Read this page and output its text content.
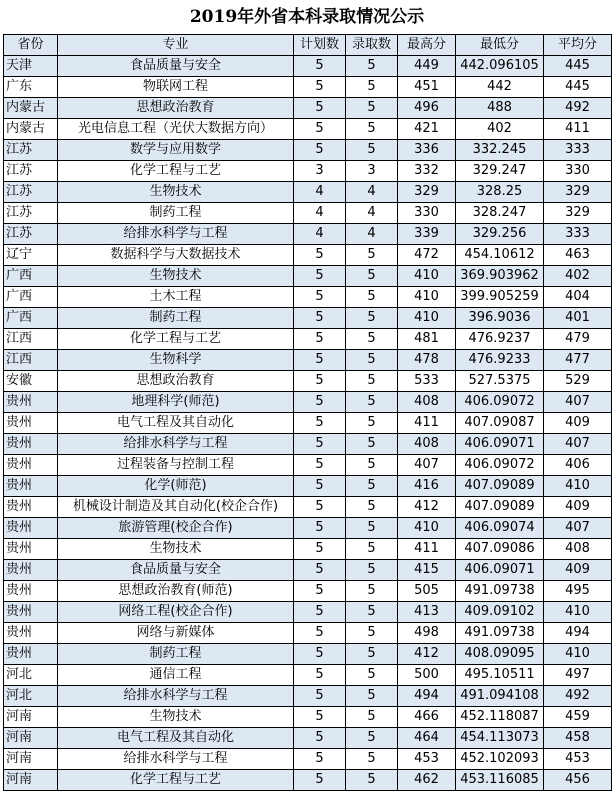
2019年外省本科录取情况公示
省份	专业	计划数	录取数	最高分	最低分	平均分
天津	食品质量与安全	5	5	449	442.096105	445
广东	物联网工程	5	5	451	442	445
内蒙古	思想政治教育	5	5	496	488	492
内蒙古	光电信息工程（光伏大数据方向）	5	5	421	402	411
江苏	数学与应用数学	5	5	336	332.245	333
江苏	化学工程与工艺	3	3	332	329.247	330
江苏	生物技术	4	4	329	328.25	329
江苏	制药工程	4	4	330	328.247	329
江苏	给排水科学与工程	4	4	339	329.256	333
辽宁	数据科学与大数据技术	5	5	472	454.10612	463
广西	生物技术	5	5	410	369.903962	402
广西	土木工程	5	5	410	399.905259	404
广西	制药工程	5	5	410	396.9036	401
江西	化学工程与工艺	5	5	481	476.9237	479
江西	生物科学	5	5	478	476.9233	477
安徽	思想政治教育	5	5	533	527.5375	529
贵州	地理科学(师范)	5	5	408	406.09072	407
贵州	电气工程及其自动化	5	5	411	407.09087	409
贵州	给排水科学与工程	5	5	408	406.09071	407
贵州	过程装备与控制工程	5	5	407	406.09072	406
贵州	化学(师范)	5	5	416	407.09089	410
贵州	机械设计制造及其自动化(校企合作)	5	5	412	407.09089	409
贵州	旅游管理(校企合作)	5	5	410	406.09074	407
贵州	生物技术	5	5	411	407.09086	408
贵州	食品质量与安全	5	5	415	406.09071	409
贵州	思想政治教育(师范)	5	5	505	491.09738	495
贵州	网络工程(校企合作)	5	5	413	409.09102	410
贵州	网络与新媒体	5	5	498	491.09738	494
贵州	制药工程	5	5	412	408.09095	410
河北	通信工程	5	5	500	495.10511	497
河北	给排水科学与工程	5	5	494	491.094108	492
河南	生物技术	5	5	466	452.118087	459
河南	电气工程及其自动化	5	5	464	454.113073	458
河南	给排水科学与工程	5	5	453	452.102093	453
河南	化学工程与工艺	5	5	462	453.116085	456
